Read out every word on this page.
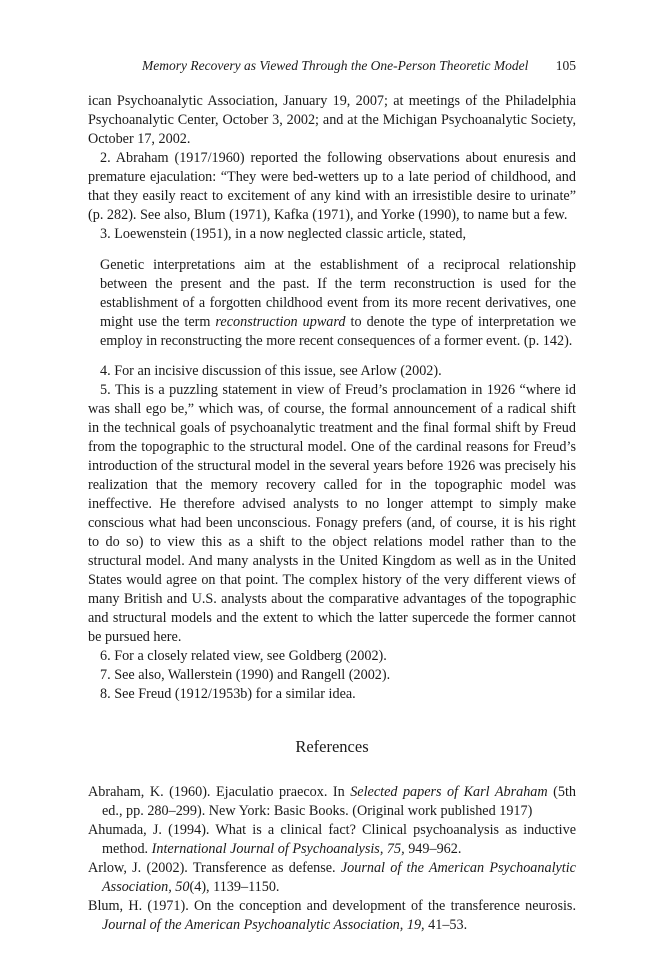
Memory Recovery as Viewed Through the One-Person Theoretic Model 105

ican Psychoanalytic Association, January 19, 2007; at meetings of the Philadelphia Psychoanalytic Center, October 3, 2002; and at the Michigan Psychoanalytic Society, October 17, 2002.

2. Abraham (1917/1960) reported the following observations about enuresis and premature ejaculation: “They were bed-wetters up to a late period of childhood, and that they easily react to excitement of any kind with an irresistible desire to urinate” (p. 282). See also, Blum (1971), Kafka (1971), and Yorke (1990), to name but a few.

3. Loewenstein (1951), in a now neglected classic article, stated,

Genetic interpretations aim at the establishment of a reciprocal relationship between the present and the past. If the term reconstruction is used for the establishment of a forgotten childhood event from its more recent derivatives, one might use the term reconstruction upward to denote the type of interpretation we employ in reconstructing the more recent consequences of a former event. (p. 142).

4. For an incisive discussion of this issue, see Arlow (2002).

5. This is a puzzling statement in view of Freud’s proclamation in 1926 “where id was shall ego be,” which was, of course, the formal announcement of a radical shift in the technical goals of psychoanalytic treatment and the final formal shift by Freud from the topographic to the structural model. One of the cardinal reasons for Freud’s introduction of the structural model in the several years before 1926 was precisely his realization that the memory recovery called for in the topographic model was ineffective. He therefore advised analysts to no longer attempt to simply make conscious what had been unconscious. Fonagy prefers (and, of course, it is his right to do so) to view this as a shift to the object relations model rather than to the structural model. And many analysts in the United Kingdom as well as in the United States would agree on that point. The complex history of the very different views of many British and U.S. analysts about the comparative advantages of the topographic and structural models and the extent to which the latter supercede the former cannot be pursued here.

6. For a closely related view, see Goldberg (2002).

7. See also, Wallerstein (1990) and Rangell (2002).

8. See Freud (1912/1953b) for a similar idea.

References

Abraham, K. (1960). Ejaculatio praecox. In Selected papers of Karl Abraham (5th ed., pp. 280–299). New York: Basic Books. (Original work published 1917)

Ahumada, J. (1994). What is a clinical fact? Clinical psychoanalysis as inductive method. International Journal of Psychoanalysis, 75, 949–962.

Arlow, J. (2002). Transference as defense. Journal of the American Psychoanalytic Association, 50(4), 1139–1150.

Blum, H. (1971). On the conception and development of the transference neurosis. Journal of the American Psychoanalytic Association, 19, 41–53.
